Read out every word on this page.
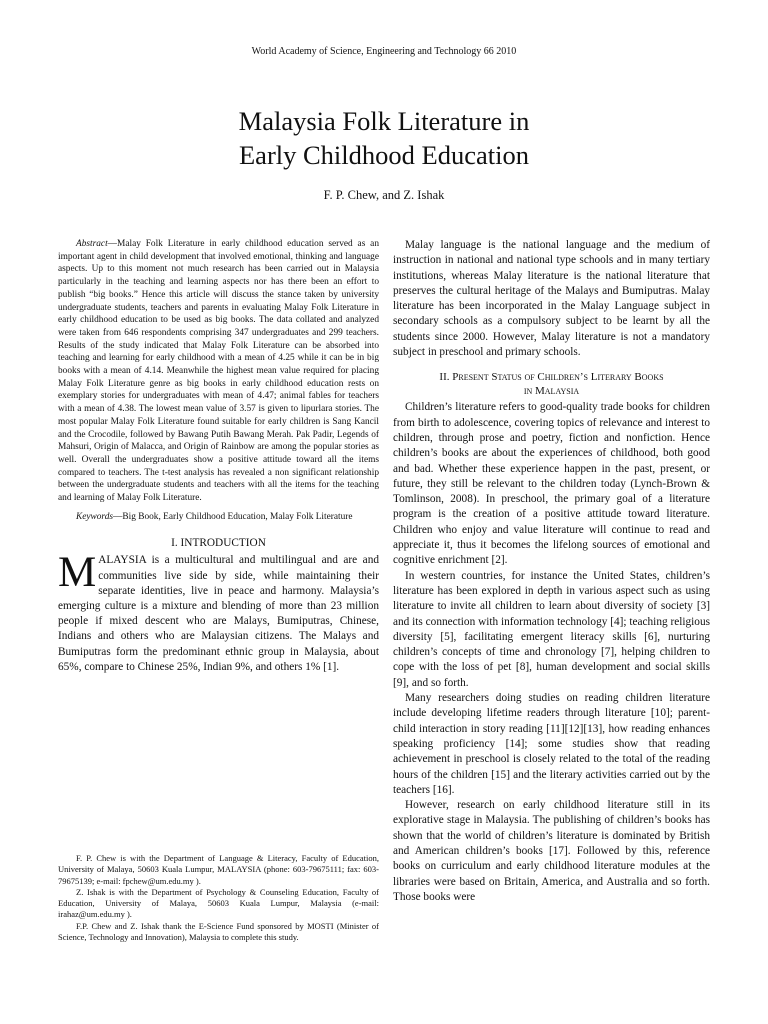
World Academy of Science, Engineering and Technology 66 2010
Malaysia Folk Literature in
Early Childhood Education
F. P. Chew, and Z. Ishak

Abstract—Malay Folk Literature in early childhood education served as an important agent in child development that involved emotional, thinking and language aspects. Up to this moment not much research has been carried out in Malaysia particularly in the teaching and learning aspects nor has there been an effort to publish “big books.” Hence this article will discuss the stance taken by university undergraduate students, teachers and parents in evaluating Malay Folk Literature in early childhood education to be used as big books. The data collated and analyzed were taken from 646 respondents comprising 347 undergraduates and 299 teachers. Results of the study indicated that Malay Folk Literature can be absorbed into teaching and learning for early childhood with a mean of 4.25 while it can be in big books with a mean of 4.14. Meanwhile the highest mean value required for placing Malay Folk Literature genre as big books in early childhood education rests on exemplary stories for undergraduates with mean of 4.47; animal fables for teachers with a mean of 4.38. The lowest mean value of 3.57 is given to lipurlara stories. The most popular Malay Folk Literature found suitable for early children is Sang Kancil and the Crocodile, followed by Bawang Putih Bawang Merah. Pak Padir, Legends of Mahsuri, Origin of Malacca, and Origin of Rainbow are among the popular stories as well. Overall the undergraduates show a positive attitude toward all the items compared to teachers. The t-test analysis has revealed a non significant relationship between the undergraduate students and teachers with all the items for the teaching and learning of Malay Folk Literature.

Keywords—Big Book, Early Childhood Education, Malay Folk Literature

I. INTRODUCTION

MALAYSIA is a multicultural and multilingual and are and communities live side by side, while maintaining their separate identities, live in peace and harmony. Malaysia’s emerging culture is a mixture and blending of more than 23 million people if mixed descent who are Malays, Bumiputras, Chinese, Indians and others who are Malaysian citizens. The Malays and Bumiputras form the predominant ethnic group in Malaysia, about 65%, compare to Chinese 25%, Indian 9%, and others 1% [1].

F. P. Chew is with the Department of Language & Literacy, Faculty of Education, University of Malaya, 50603 Kuala Lumpur, MALAYSIA (phone: 603-79675111; fax: 603-79675139; e-mail: fpchew@um.edu.my ).

Z. Ishak is with the Department of Psychology & Counseling Education, Faculty of Education, University of Malaya, 50603 Kuala Lumpur, Malaysia (e-mail: irahaz@um.edu.my ).

F.P. Chew and Z. Ishak thank the E-Science Fund sponsored by MOSTI (Minister of Science, Technology and Innovation), Malaysia to complete this study.

Malay language is the national language and the medium of instruction in national and national type schools and in many tertiary institutions, whereas Malay literature is the national literature that preserves the cultural heritage of the Malays and Bumiputras. Malay literature has been incorporated in the Malay Language subject in secondary schools as a compulsory subject to be learnt by all the students since 2000. However, Malay literature is not a mandatory subject in preschool and primary schools.

II. Present Status of Children’s Literary Books
in Malaysia

Children’s literature refers to good-quality trade books for children from birth to adolescence, covering topics of relevance and interest to children, through prose and poetry, fiction and nonfiction. Hence children’s books are about the experiences of childhood, both good and bad. Whether these experience happen in the past, present, or future, they still be relevant to the children today (Lynch-Brown & Tomlinson, 2008). In preschool, the primary goal of a literature program is the creation of a positive attitude toward literature. Children who enjoy and value literature will continue to read and appreciate it, thus it becomes the lifelong sources of emotional and cognitive enrichment [2].

In western countries, for instance the United States, children’s literature has been explored in depth in various aspect such as using literature to invite all children to learn about diversity of society [3] and its connection with information technology [4]; teaching religious diversity [5], facilitating emergent literacy skills [6], nurturing children’s concepts of time and chronology [7], helping children to cope with the loss of pet [8], human development and social skills [9], and so forth.

Many researchers doing studies on reading children literature include developing lifetime readers through literature [10]; parent-child interaction in story reading [11][12][13], how reading enhances speaking proficiency [14]; some studies show that reading achievement in preschool is closely related to the total of the reading hours of the children [15] and the literary activities carried out by the teachers [16].

However, research on early childhood literature still in its explorative stage in Malaysia. The publishing of children’s books has shown that the world of children’s literature is dominated by British and American children’s books [17]. Followed by this, reference books on curriculum and early childhood literature modules at the libraries were based on Britain, America, and Australia and so forth. Those books were
